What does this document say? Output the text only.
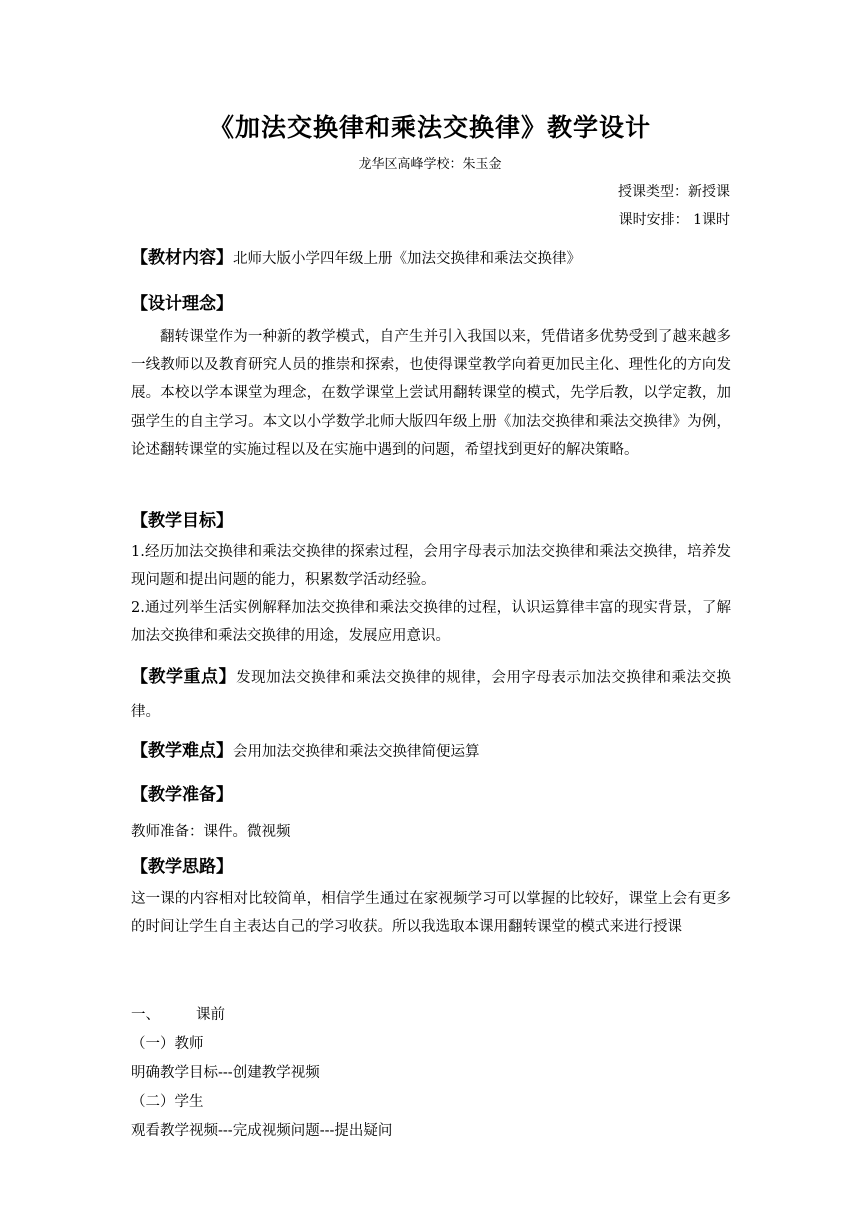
《加法交换律和乘法交换律》教学设计
龙华区高峰学校：朱玉金
授课类型：新授课
课时安排： 1课时
【教材内容】北师大版小学四年级上册《加法交换律和乘法交换律》
【设计理念】
翻转课堂作为一种新的教学模式，自产生并引入我国以来，凭借诸多优势受到了越来越多一线教师以及教育研究人员的推崇和探索，也使得课堂教学向着更加民主化、理性化的方向发展。本校以学本课堂为理念，在数学课堂上尝试用翻转课堂的模式，先学后教，以学定教，加强学生的自主学习。本文以小学数学北师大版四年级上册《加法交换律和乘法交换律》为例，论述翻转课堂的实施过程以及在实施中遇到的问题，希望找到更好的解决策略。
【教学目标】
1.经历加法交换律和乘法交换律的探索过程，会用字母表示加法交换律和乘法交换律，培养发现问题和提出问题的能力，积累数学活动经验。
2.通过列举生活实例解释加法交换律和乘法交换律的过程，认识运算律丰富的现实背景，了解加法交换律和乘法交换律的用途，发展应用意识。
【教学重点】发现加法交换律和乘法交换律的规律，会用字母表示加法交换律和乘法交换律。
【教学难点】会用加法交换律和乘法交换律简便运算
【教学准备】
教师准备：课件。微视频
【教学思路】
这一课的内容相对比较简单，相信学生通过在家视频学习可以掌握的比较好，课堂上会有更多的时间让学生自主表达自己的学习收获。所以我选取本课用翻转课堂的模式来进行授课
一、 课前
（一）教师
明确教学目标---创建教学视频
（二）学生
观看教学视频---完成视频问题---提出疑问
